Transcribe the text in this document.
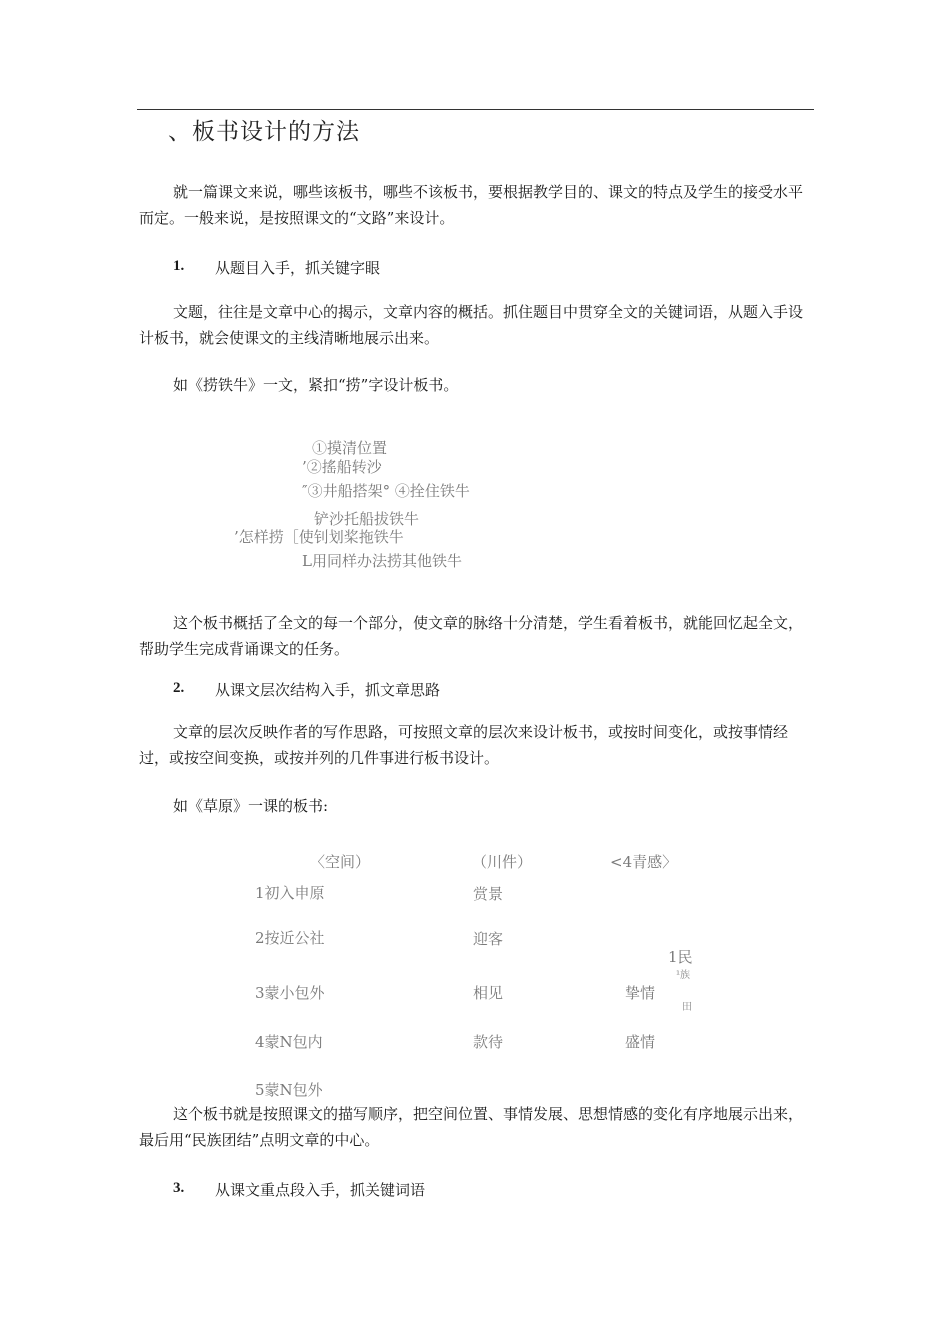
、板书设计的方法
就一篇课文来说，哪些该板书，哪些不该板书，要根据教学目的、课文的特点及学生的接受水平而定。一般来说，是按照课文的“文路”来设计。
1. 从题目入手，抓关键字眼
文题，往往是文章中心的揭示，文章内容的概括。抓住题目中贯穿全文的关键词语，从题入手设计板书，就会使课文的主线清晰地展示出来。
如《捞铁牛》一文，紧扣“捞”字设计板书。
①摸清位置
’②搖船转沙
″③井船搭架° ④拴住铁牛
铲沙托船拔铁牛
’怎样捞［使钊划桨拖铁牛
L用同样办法捞其他铁牛
这个板书概括了全文的每一个部分，使文章的脉络十分清楚，学生看着板书，就能回忆起全文，帮助学生完成背诵课文的任务。
2. 从课文层次结构入手，抓文章思路
文章的层次反映作者的写作思路，可按照文章的层次来设计板书，或按时间变化，或按事情经过，或按空间变换，或按并列的几件事进行板书设计。
如《草原》一课的板书:
〈空间）	（川件）	<4青感〉
1初入申原	赏景
2按近公社	迎客
1民
¹族
田
3蒙小包外	相见	挚情
4蒙N包内	款待	盛情
5蒙N包外
这个板书就是按照课文的描写顺序，把空间位置、事情发展、思想情感的变化有序地展示出来，最后用“民族团结”点明文章的中心。
3. 从课文重点段入手，抓关键词语
